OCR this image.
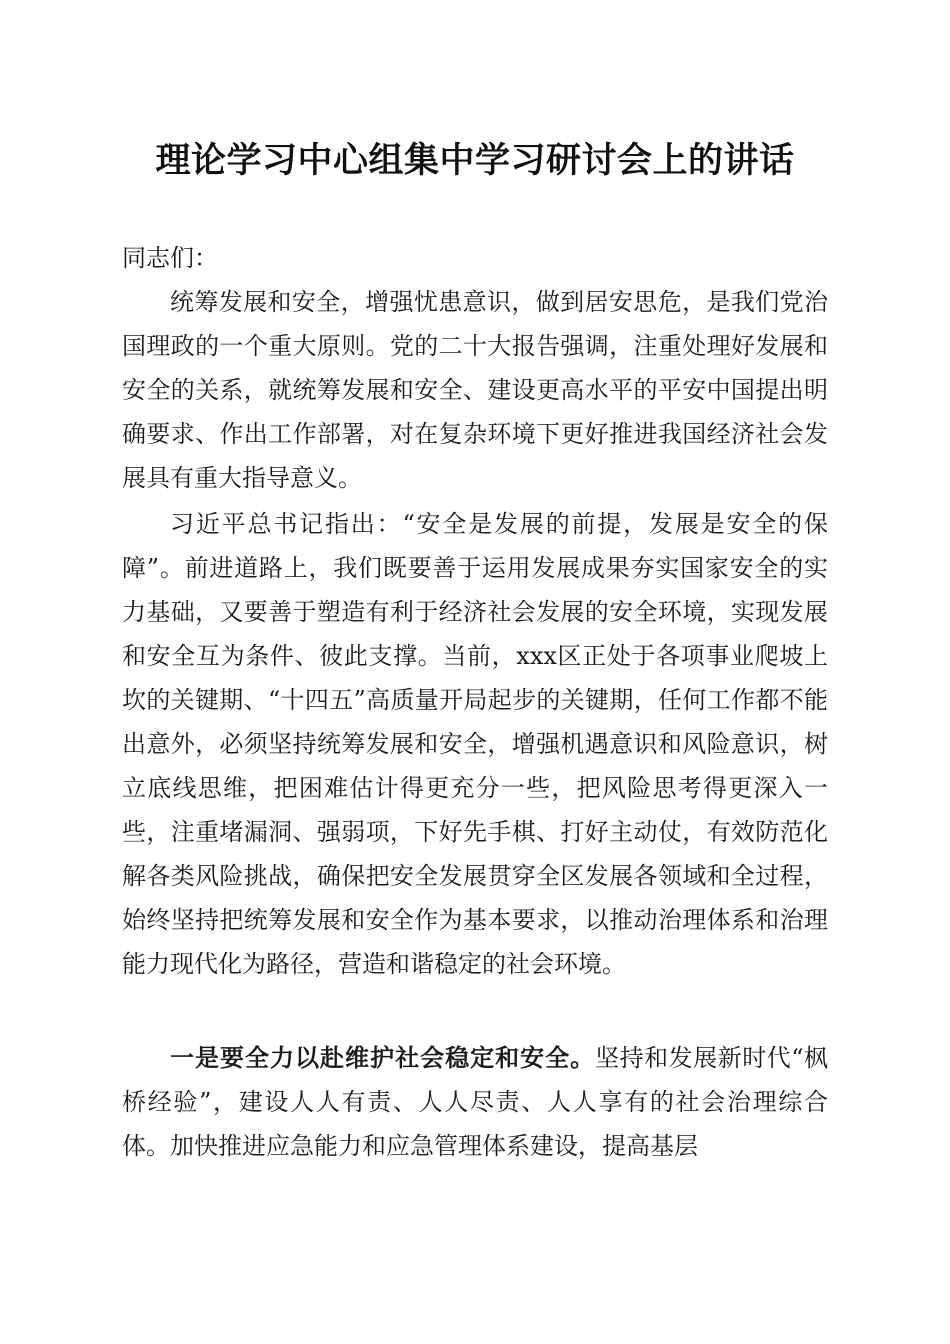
理论学习中心组集中学习研讨会上的讲话
同志们：

统筹发展和安全，增强忧患意识，做到居安思危，是我们党治国理政的一个重大原则。党的二十大报告强调，注重处理好发展和安全的关系，就统筹发展和安全、建设更高水平的平安中国提出明确要求、作出工作部署，对在复杂环境下更好推进我国经济社会发展具有重大指导意义。

习近平总书记指出：“安全是发展的前提，发展是安全的保障”。前进道路上，我们既要善于运用发展成果夯实国家安全的实力基础，又要善于塑造有利于经济社会发展的安全环境，实现发展和安全互为条件、彼此支撑。当前，xxx区正处于各项事业爬坡上坎的关键期、“十四五”高质量开局起步的关键期，任何工作都不能出意外，必须坚持统筹发展和安全，增强机遇意识和风险意识，树立底线思维，把困难估计得更充分一些，把风险思考得更深入一些，注重堵漏洞、强弱项，下好先手棋、打好主动仗，有效防范化解各类风险挑战，确保把安全发展贯穿全区发展各领域和全过程，始终坚持把统筹发展和安全作为基本要求，以推动治理体系和治理能力现代化为路径，营造和谐稳定的社会环境。

一是要全力以赴维护社会稳定和安全。坚持和发展新时代“枫桥经验”，建设人人有责、人人尽责、人人享有的社会治理综合体。加快推进应急能力和应急管理体系建设，提高基层
